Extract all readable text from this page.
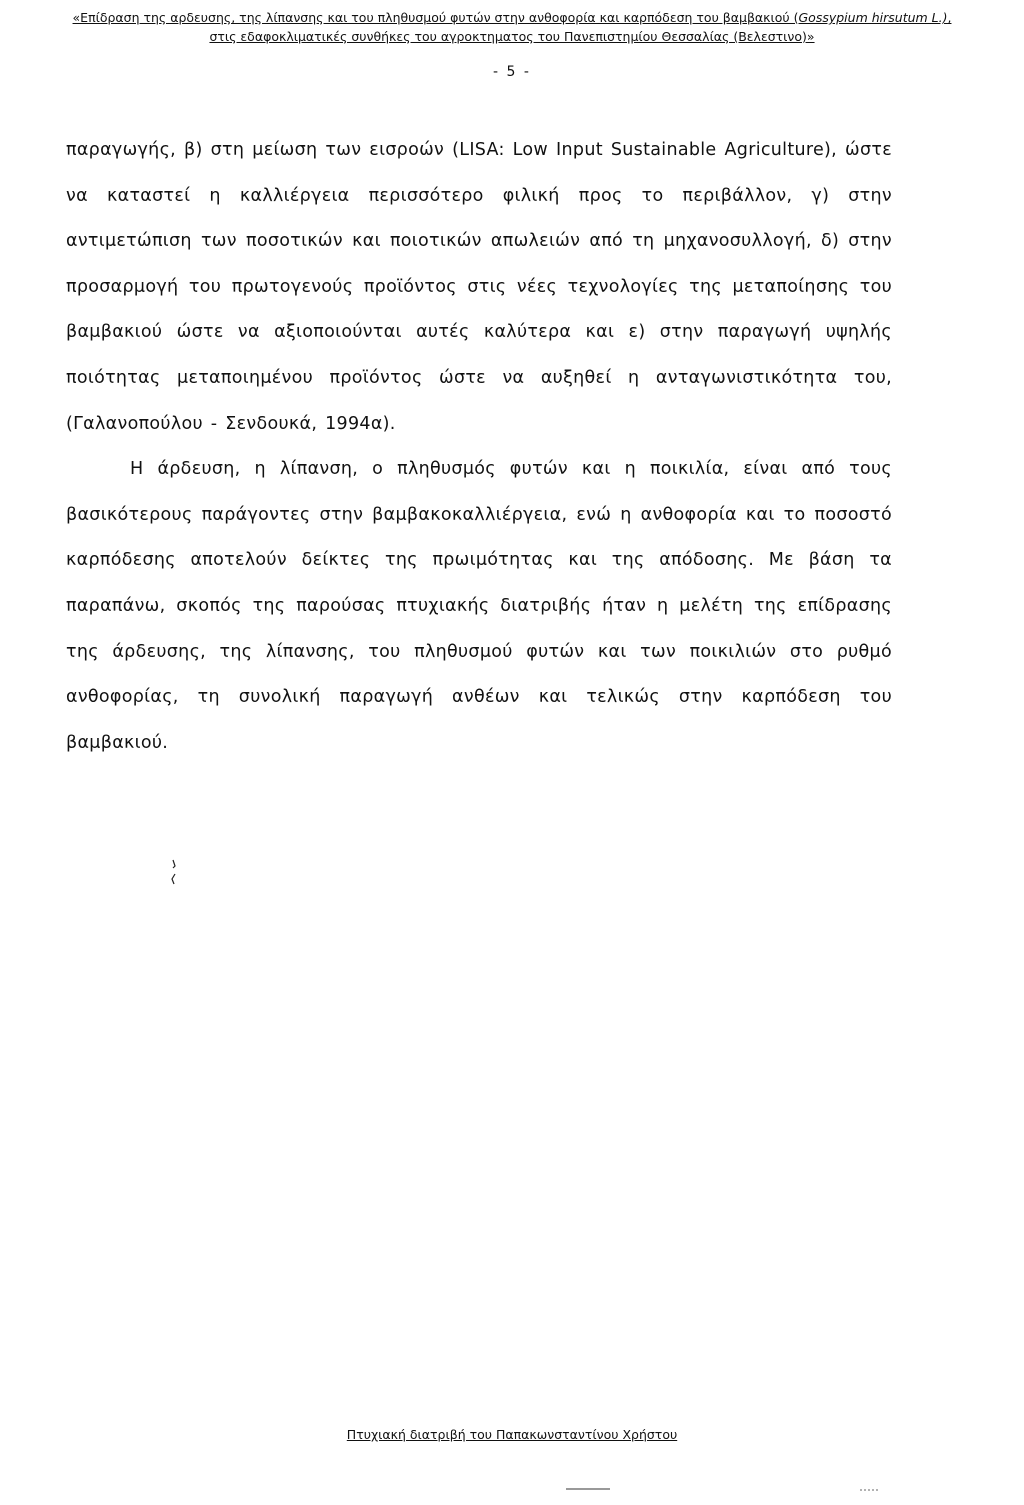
«Επίδραση της αρδευσης, της λίπανσης και του πληθυσμού φυτών στην ανθοφορία και καρπόδεση του βαμβακιού (Gossypium hirsutum L.), στις εδαφοκλιματικές συνθήκες του αγροκτηματος του Πανεπιστημίου Θεσσαλίας (Βελεστινο)»
- 5 -

παραγωγής, β) στη μείωση των εισροών (LISA: Low Input Sustainable Agriculture), ώστε να καταστεί η καλλιέργεια περισσότερο φιλική προς το περιβάλλον, γ) στην αντιμετώπιση των ποσοτικών και ποιοτικών απωλειών από τη μηχανοσυλλογή, δ) στην προσαρμογή του πρωτογενούς προϊόντος στις νέες τεχνολογίες της μεταποίησης του βαμβακιού ώστε να αξιοποιούνται αυτές καλύτερα και ε) στην παραγωγή υψηλής ποιότητας μεταποιημένου προϊόντος ώστε να αυξηθεί η ανταγωνιστικότητα του, (Γαλανοπούλου - Σενδουκά, 1994α).

Η άρδευση, η λίπανση, ο πληθυσμός φυτών και η ποικιλία, είναι από τους βασικότερους παράγοντες στην βαμβακοκαλλιέργεια, ενώ η ανθοφορία και το ποσοστό καρπόδεσης αποτελούν δείκτες της πρωιμότητας και της απόδοσης. Με βάση τα παραπάνω, σκοπός της παρούσας πτυχιακής διατριβής ήταν η μελέτη της επίδρασης της άρδευσης, της λίπανσης, του πληθυσμού φυτών και των ποικιλιών στο ρυθμό ανθοφορίας, τη συνολική παραγωγή ανθέων και τελικώς στην καρπόδεση του βαμβακιού.

Πτυχιακή διατριβή του Παπακωνσταντίνου Χρήστου
